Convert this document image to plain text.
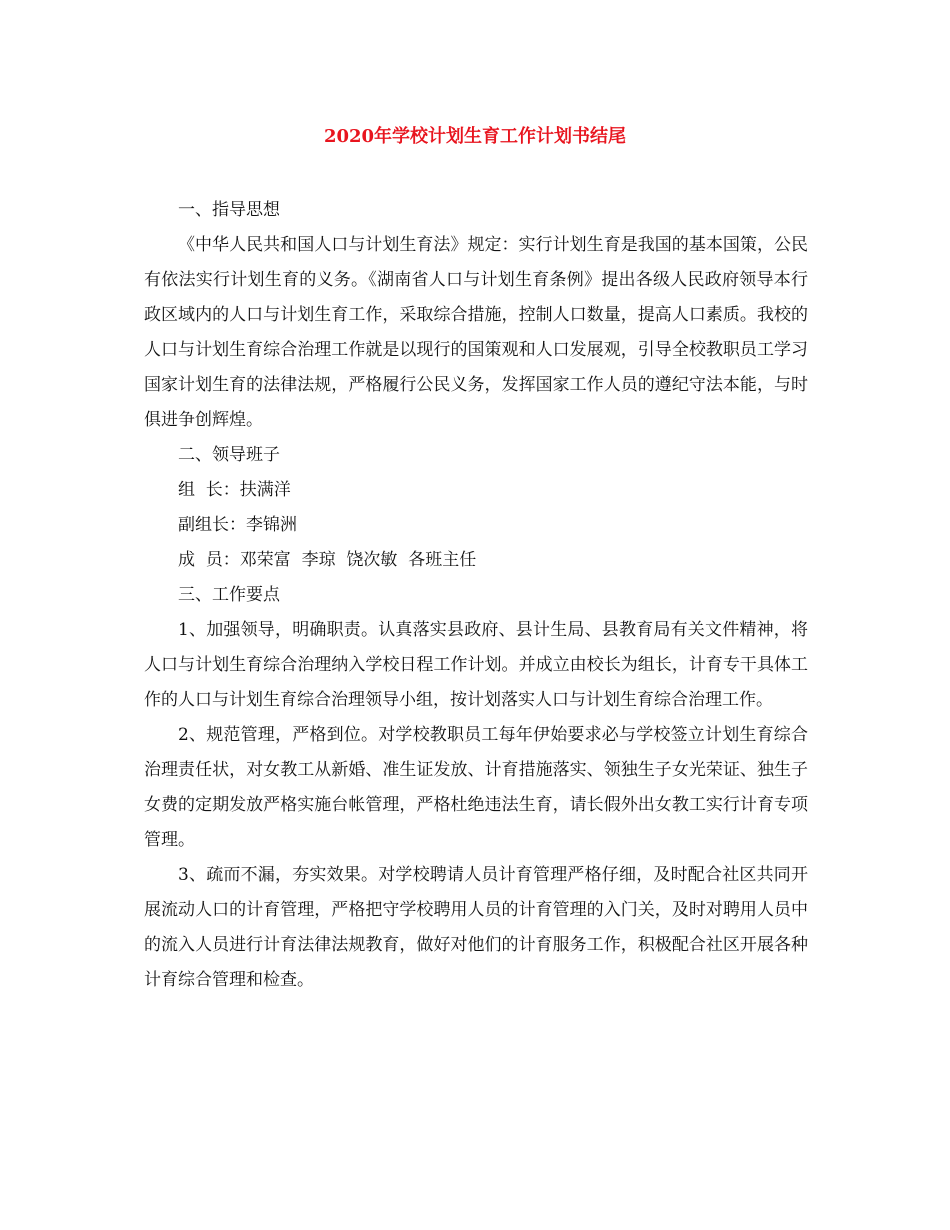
2020年学校计划生育工作计划书结尾

一、指导思想

《中华人民共和国人口与计划生育法》规定：实行计划生育是我国的基本国策，公民有依法实行计划生育的义务。《湖南省人口与计划生育条例》提出各级人民政府领导本行政区域内的人口与计划生育工作，采取综合措施，控制人口数量，提高人口素质。我校的人口与计划生育综合治理工作就是以现行的国策观和人口发展观，引导全校教职员工学习国家计划生育的法律法规，严格履行公民义务，发挥国家工作人员的遵纪守法本能，与时俱进争创辉煌。

二、领导班子

组  长：扶满洋

副组长：李锦洲

成  员：邓荣富  李琼  饶次敏  各班主任

三、工作要点

1、加强领导，明确职责。认真落实县政府、县计生局、县教育局有关文件精神，将人口与计划生育综合治理纳入学校日程工作计划。并成立由校长为组长，计育专干具体工作的人口与计划生育综合治理领导小组，按计划落实人口与计划生育综合治理工作。

2、规范管理，严格到位。对学校教职员工每年伊始要求必与学校签立计划生育综合治理责任状，对女教工从新婚、准生证发放、计育措施落实、领独生子女光荣证、独生子女费的定期发放严格实施台帐管理，严格杜绝违法生育，请长假外出女教工实行计育专项管理。

3、疏而不漏，夯实效果。对学校聘请人员计育管理严格仔细，及时配合社区共同开展流动人口的计育管理，严格把守学校聘用人员的计育管理的入门关，及时对聘用人员中的流入人员进行计育法律法规教育，做好对他们的计育服务工作，积极配合社区开展各种计育综合管理和检查。
